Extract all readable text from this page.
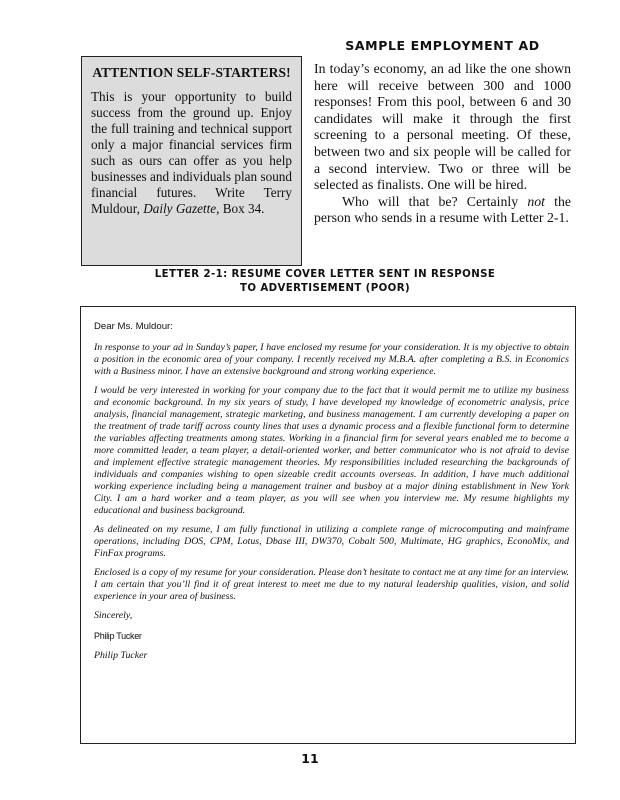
ATTENTION SELF-STARTERS!

This is your opportunity to build success from the ground up. Enjoy the full training and technical support only a major financial services firm such as ours can offer as you help businesses and individuals plan sound financial futures. Write Terry Muldour, Daily Gazette, Box 34.

SAMPLE EMPLOYMENT AD

In today’s economy, an ad like the one shown here will receive between 300 and 1000 responses! From this pool, between 6 and 30 candidates will make it through the first screening to a personal meeting. Of these, between two and six people will be called for a second interview. Two or three will be selected as finalists. One will be hired.

Who will that be? Certainly not the person who sends in a resume with Letter 2-1.

LETTER 2-1: RESUME COVER LETTER SENT IN RESPONSE
TO ADVERTISEMENT (POOR)
Dear Ms. Muldour:

In response to your ad in Sunday’s paper, I have enclosed my resume for your consideration. It is my objective to obtain a position in the economic area of your company. I recently received my M.B.A. after completing a B.S. in Economics with a Business minor. I have an extensive background and strong working experience.

I would be very interested in working for your company due to the fact that it would permit me to utilize my business and economic background. In my six years of study, I have developed my knowledge of econometric analysis, price analysis, financial management, strategic marketing, and business management. I am currently developing a paper on the treatment of trade tariff across county lines that uses a dynamic process and a flexible functional form to determine the variables affecting treatments among states. Working in a financial firm for several years enabled me to become a more committed leader, a team player, a detail-oriented worker, and better communicator who is not afraid to devise and implement effective strategic management theories. My responsibilities included researching the backgrounds of individuals and companies wishing to open sizeable credit accounts overseas. In addition, I have much additional working experience including being a management trainer and busboy at a major dining establishment in New York City. I am a hard worker and a team player, as you will see when you interview me. My resume highlights my educational and business background.

As delineated on my resume, I am fully functional in utilizing a complete range of microcomputing and mainframe operations, including DOS, CPM, Lotus, Dbase III, DW370, Cobalt 500, Multimate, HG graphics, EconoMix, and FinFax programs.

Enclosed is a copy of my resume for your consideration. Please don’t hesitate to contact me at any time for an interview. I am certain that you’ll find it of great interest to meet me due to my natural leadership qualities, vision, and solid experience in your area of business.

Sincerely,
Philip Tucker
Philip Tucker
11
